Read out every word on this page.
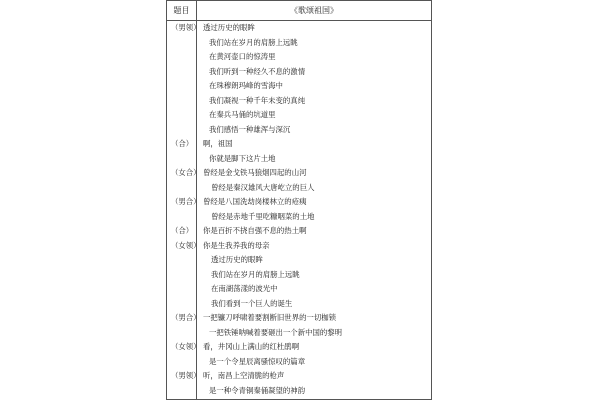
题目	《歌颂祖国》
（男领） 透过历史的眼眸
我们站在岁月的肩膀上远眺
在黄河壶口的惊涛里
我们听到一种经久不息的激情
在珠穆朗玛峰的雪海中
我们凝视一种千年未变的真纯
在秦兵马俑的坑道里
我们感悟一种雄浑与深沉
（合） 啊，祖国
你就是脚下这片土地
（女合） 曾经是金戈铁马狼烟四起的山河
曾经是秦汉雄风大唐屹立的巨人
（男合） 曾经是八国洗劫岗楼林立的疮痍
曾经是赤地千里吃糠咽菜的土地
（合） 你是百折不挠自强不息的热土啊
（女领） 你是生我养我的母亲
透过历史的眼眸
我们站在岁月的肩膀上远眺
在南湖荡漾的波光中
我们看到一个巨人的诞生
（男合） 一把镰刀呼啸着要割断旧世界的一切枷锁
一把铁锤呐喊着要砸出一个新中国的黎明
（女领） 看，井冈山上满山的红杜鹃啊
是一个令星辰离骚惊叹的篇章
（男领） 听，南昌上空清脆的枪声
是一种令青铜秦俑凝望的神韵
